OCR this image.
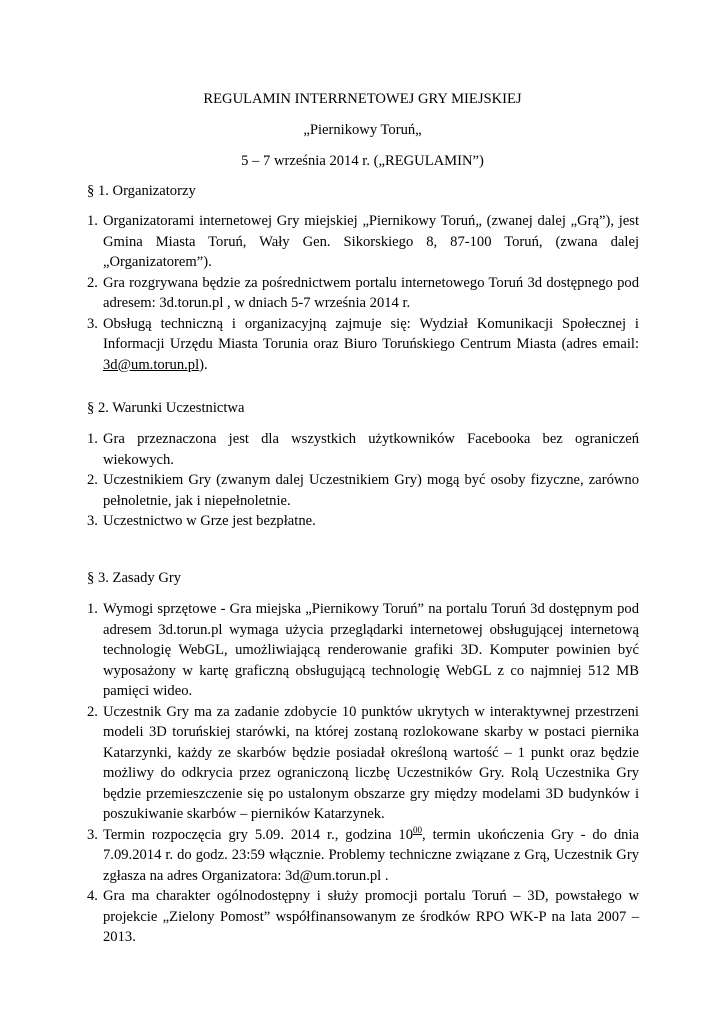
REGULAMIN INTERRNETOWEJ GRY MIEJSKIEJ
„Piernikowy Toruń„
5 – 7 września 2014 r. („REGULAMIN”)
§ 1. Organizatorzy
1. Organizatorami internetowej Gry miejskiej „Piernikowy Toruń„ (zwanej dalej „Grą”), jest Gmina Miasta Toruń, Wały Gen. Sikorskiego 8, 87-100 Toruń, (zwana dalej „Organizatorem”).
2. Gra rozgrywana będzie za pośrednictwem portalu internetowego Toruń 3d dostępnego pod adresem: 3d.torun.pl , w dniach 5-7 września 2014 r.
3. Obsługą techniczną i organizacyjną zajmuje się: Wydział Komunikacji Społecznej i Informacji Urzędu Miasta Torunia oraz Biuro Toruńskiego Centrum Miasta (adres email: 3d@um.torun.pl).
§ 2. Warunki Uczestnictwa
1. Gra przeznaczona jest dla wszystkich użytkowników Facebooka bez ograniczeń wiekowych.
2. Uczestnikiem Gry (zwanym dalej Uczestnikiem Gry) mogą być osoby fizyczne, zarówno pełnoletnie, jak i niepełnoletnie.
3. Uczestnictwo w Grze jest bezpłatne.
§ 3. Zasady Gry
1. Wymogi sprzętowe - Gra miejska „Piernikowy Toruń” na portalu Toruń 3d dostępnym pod adresem 3d.torun.pl wymaga użycia przeglądarki internetowej obsługującej internetową technologię WebGL, umożliwiającą renderowanie grafiki 3D. Komputer powinien być wyposażony w kartę graficzną obsługującą technologię WebGL z co najmniej 512 MB pamięci wideo.
2. Uczestnik Gry ma za zadanie zdobycie 10 punktów ukrytych w interaktywnej przestrzeni modeli 3D toruńskiej starówki, na której zostaną rozlokowane skarby w postaci piernika Katarzynki, każdy ze skarbów będzie posiadał określoną wartość – 1 punkt oraz będzie możliwy do odkrycia przez ograniczoną liczbę Uczestników Gry. Rolą Uczestnika Gry będzie przemieszczenie się po ustalonym obszarze gry między modelami 3D budynków i poszukiwanie skarbów – pierników Katarzynek.
3. Termin rozpoczęcia gry 5.09. 2014 r., godzina $10^{00}$, termin ukończenia Gry - do dnia 7.09.2014 r. do godz. 23:59 włącznie. Problemy techniczne związane z Grą, Uczestnik Gry zgłasza na adres Organizatora: 3d@um.torun.pl .
4. Gra ma charakter ogólnodostępny i służy promocji portalu Toruń – 3D, powstałego w projekcie „Zielony Pomost” współfinansowanym ze środków RPO WK-P na lata 2007 – 2013.
